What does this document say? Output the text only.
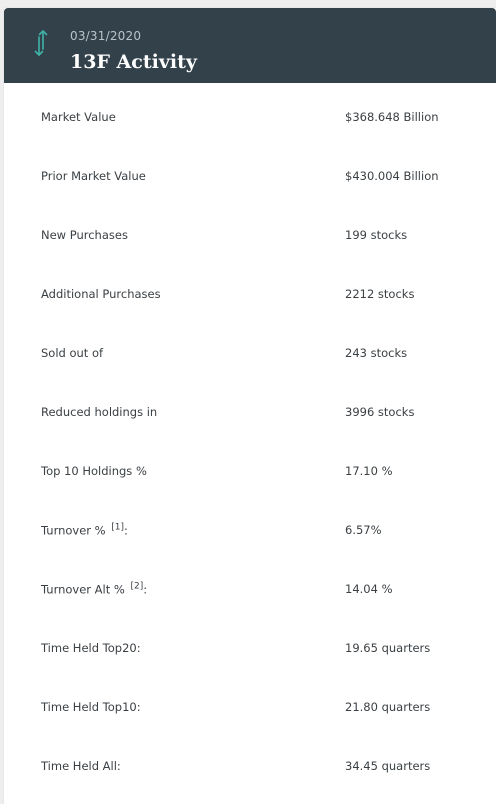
03/31/2020
13F Activity
Market Value	$368.648 Billion
Prior Market Value	$430.004 Billion
New Purchases	199 stocks
Additional Purchases	2212 stocks
Sold out of	243 stocks
Reduced holdings in	3996 stocks
Top 10 Holdings %	17.10 %
Turnover % [1]:	6.57%
Turnover Alt % [2]:	14.04 %
Time Held Top20:	19.65 quarters
Time Held Top10:	21.80 quarters
Time Held All:	34.45 quarters
